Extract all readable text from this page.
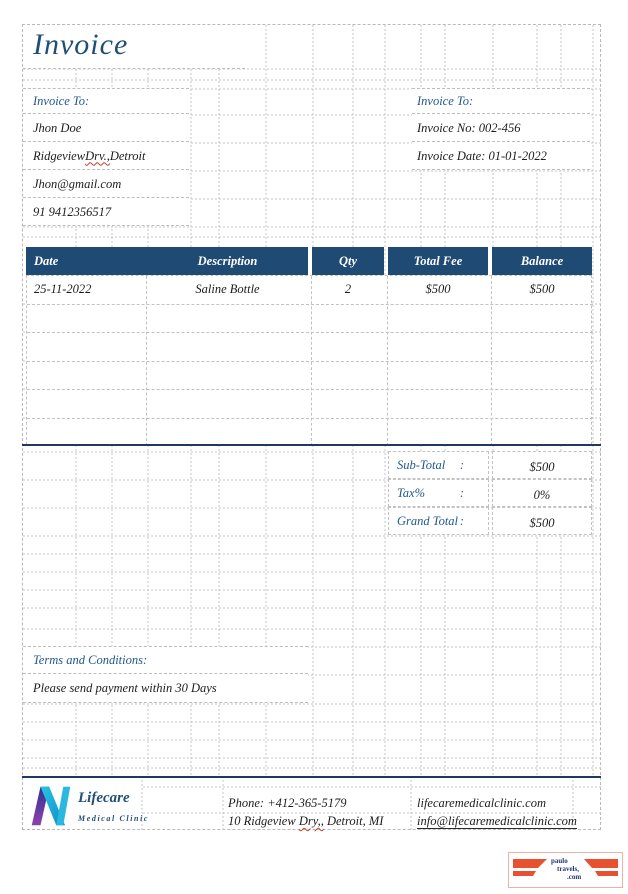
Invoice
Invoice To:
Jhon Doe
Ridgeview Drv., Detroit
Jhon@gmail.com
91 9412356517
Invoice To:
Invoice No: 002-456
Invoice Date: 01-01-2022
Date	Description	Qty	Total Fee	Balance
25-11-2022	Saline Bottle	2	$500	$500
Sub-Total :	$500
Tax%	:	0%
Grand Total :	$500
Terms and Conditions:
Please send payment within 30 Days
Lifecare
Medical Clinic
Phone: +412-365-5179
10 Ridgeview Dry,, Detroit, MI
lifecaremedicalclinic.com
info@lifecaremedicalclinic.com
paulo
travels,
.com
